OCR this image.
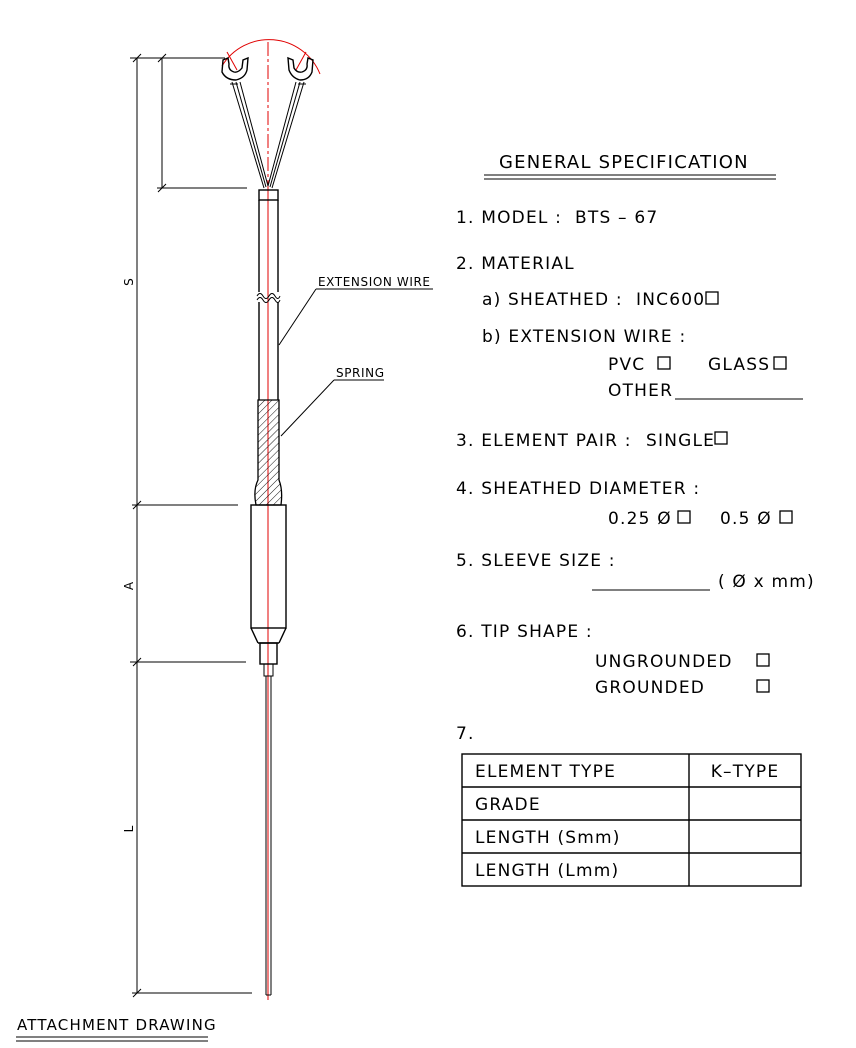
S
A
L
EXTENSION WIRE
SPRING
ATTACHMENT DRAWING
GENERAL SPECIFICATION
1. MODEL : BTS – 67
2. MATERIAL
a) SHEATHED : INC600
b) EXTENSION WIRE :
PVC	GLASS
OTHER
3. ELEMENT PAIR : SINGLE
4. SHEATHED DIAMETER :
0.25 Ø	0.5 Ø
5. SLEEVE SIZE :
( Ø x mm)
6. TIP SHAPE :
UNGROUNDED
GROUNDED
7.
ELEMENT TYPE	K–TYPE
GRADE
LENGTH (Smm)
LENGTH (Lmm)
